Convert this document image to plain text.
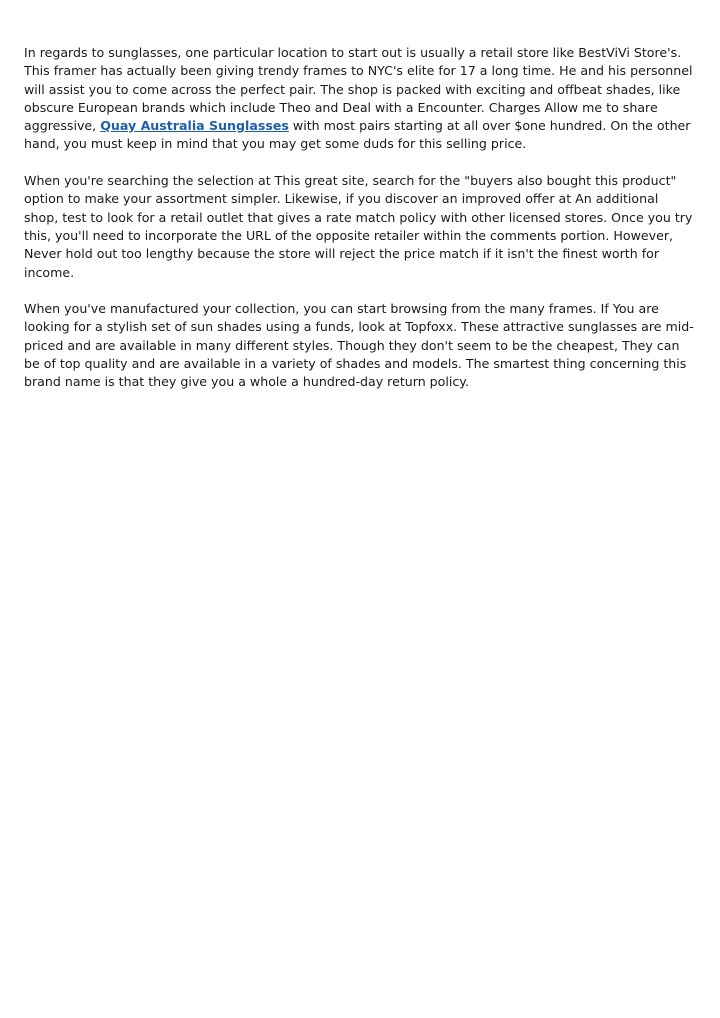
In regards to sunglasses, one particular location to start out is usually a retail store like BestViVi Store's. This framer has actually been giving trendy frames to NYC's elite for 17 a long time. He and his personnel will assist you to come across the perfect pair. The shop is packed with exciting and offbeat shades, like obscure European brands which include Theo and Deal with a Encounter. Charges Allow me to share aggressive, Quay Australia Sunglasses with most pairs starting at all over $one hundred. On the other hand, you must keep in mind that you may get some duds for this selling price.

When you're searching the selection at This great site, search for the "buyers also bought this product" option to make your assortment simpler. Likewise, if you discover an improved offer at An additional shop, test to look for a retail outlet that gives a rate match policy with other licensed stores. Once you try this, you'll need to incorporate the URL of the opposite retailer within the comments portion. However, Never hold out too lengthy because the store will reject the price match if it isn't the finest worth for income.

When you've manufactured your collection, you can start browsing from the many frames. If You are looking for a stylish set of sun shades using a funds, look at Topfoxx. These attractive sunglasses are mid-priced and are available in many different styles. Though they don't seem to be the cheapest, They can be of top quality and are available in a variety of shades and models. The smartest thing concerning this brand name is that they give you a whole a hundred-day return policy.
